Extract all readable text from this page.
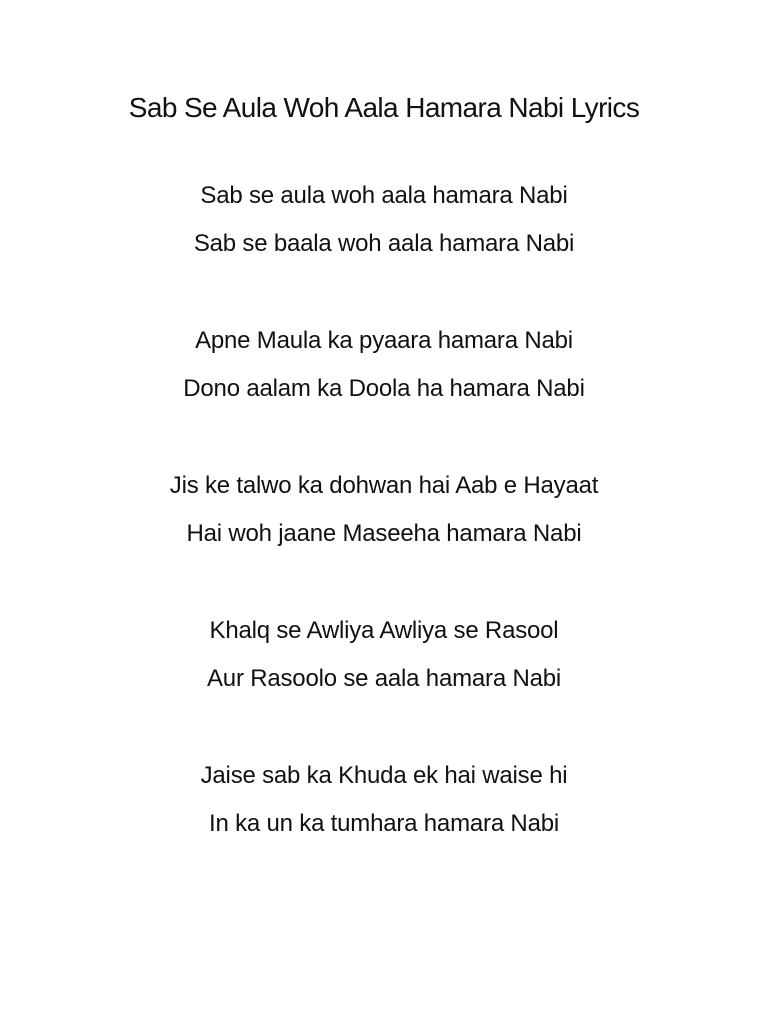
Sab Se Aula Woh Aala Hamara Nabi Lyrics
Sab se aula woh aala hamara Nabi
Sab se baala woh aala hamara Nabi
Apne Maula ka pyaara hamara Nabi
Dono aalam ka Doola ha hamara Nabi
Jis ke talwo ka dohwan hai Aab e Hayaat
Hai woh jaane Maseeha hamara Nabi
Khalq se Awliya Awliya se Rasool
Aur Rasoolo se aala hamara Nabi
Jaise sab ka Khuda ek hai waise hi
In ka un ka tumhara hamara Nabi
